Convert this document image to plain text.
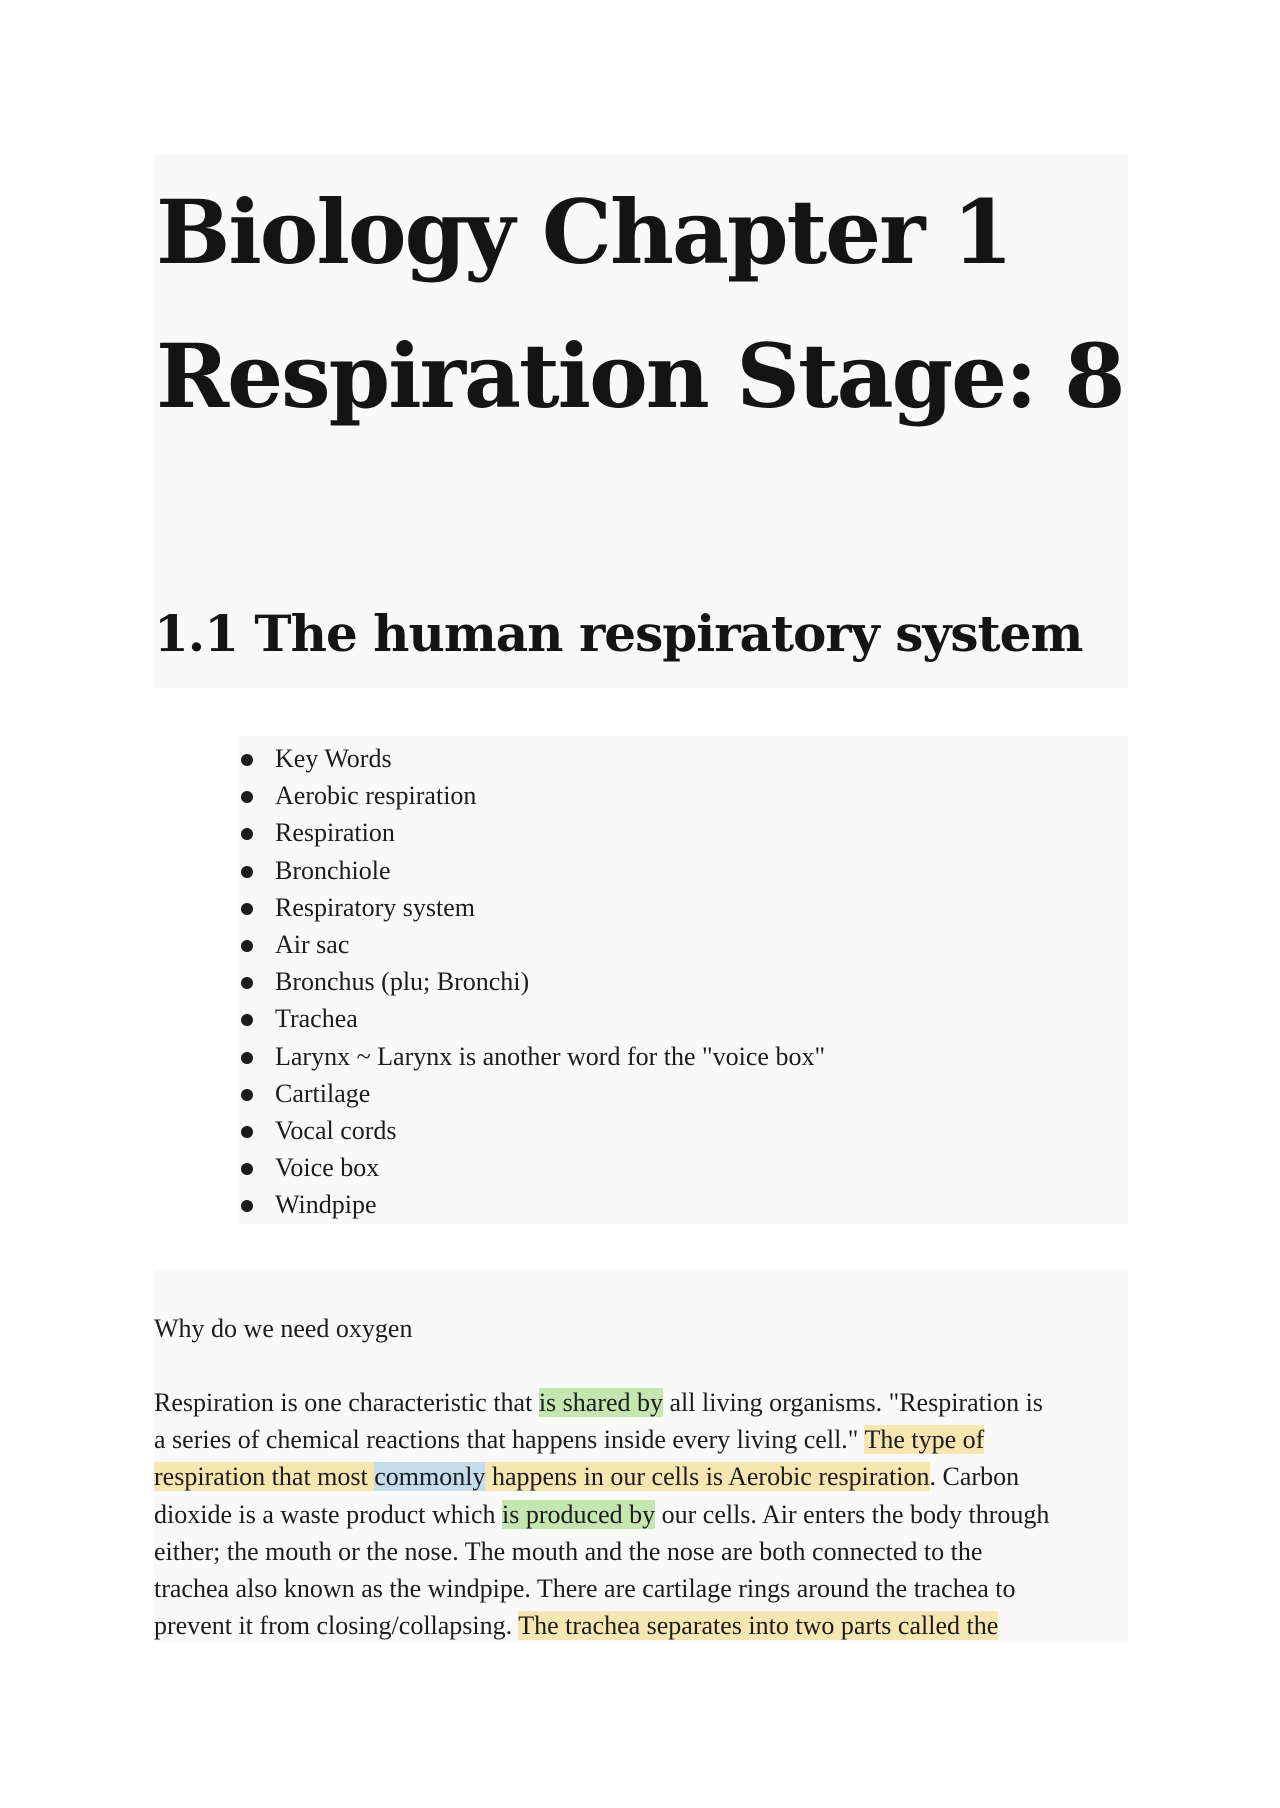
Biology Chapter 1
Respiration Stage: 8
1.1 The human respiratory system
Key Words
Aerobic respiration
Respiration
Bronchiole
Respiratory system
Air sac
Bronchus (plu; Bronchi)
Trachea
Larynx ~ Larynx is another word for the "voice box"
Cartilage
Vocal cords
Voice box
Windpipe

Why do we need oxygen

Respiration is one characteristic that is shared by all living organisms. "Respiration is
a series of chemical reactions that happens inside every living cell." The type of
respiration that most commonly happens in our cells is Aerobic respiration. Carbon
dioxide is a waste product which is produced by our cells. Air enters the body through
either; the mouth or the nose. The mouth and the nose are both connected to the
trachea also known as the windpipe. There are cartilage rings around the trachea to
prevent it from closing/collapsing. The trachea separates into two parts called the
